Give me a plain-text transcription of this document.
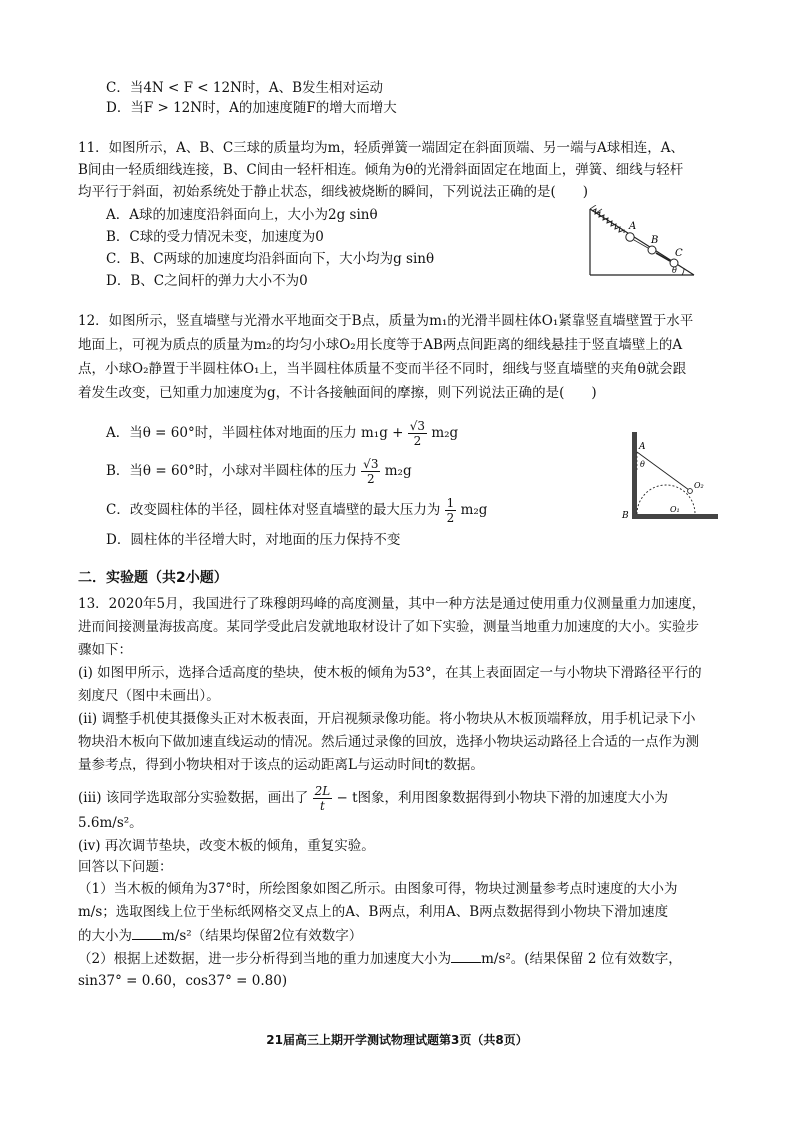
C．当4N < F < 12N时，A、B发生相对运动
D．当F > 12N时，A的加速度随F的增大而增大
11．如图所示，A、B、C三球的质量均为m，轻质弹簧一端固定在斜面顶端、另一端与A球相连，A、
B间由一轻质细线连接，B、C间由一轻杆相连。倾角为θ的光滑斜面固定在地面上，弹簧、细线与轻杆
均平行于斜面，初始系统处于静止状态，细线被烧断的瞬间，下列说法正确的是(　　)
A．A球的加速度沿斜面向上，大小为2g sinθ
B．C球的受力情况未变，加速度为0
C．B、C两球的加速度均沿斜面向下，大小均为g sinθ
D．B、C之间杆的弹力大小不为0
A
B
C
θ
12．如图所示，竖直墙壁与光滑水平地面交于B点，质量为m₁的光滑半圆柱体O₁紧靠竖直墙壁置于水平
地面上，可视为质点的质量为m₂的均匀小球O₂用长度等于AB两点间距离的细线悬挂于竖直墙壁上的A
点，小球O₂静置于半圆柱体O₁上，当半圆柱体质量不变而半径不同时，细线与竖直墙壁的夹角θ就会跟
着发生改变，已知重力加速度为g，不计各接触面间的摩擦，则下列说法正确的是(　　)
A．当θ = 60°时，半圆柱体对地面的压力 $m_1g + \frac{√3}{2} m_2g$
B．当θ = 60°时，小球对半圆柱体的压力 $\frac{√3}{2} m_2g$
C．改变圆柱体的半径，圆柱体对竖直墙壁的最大压力为 $\frac{1}{2} m_2g$
D．圆柱体的半径增大时，对地面的压力保持不变
A
θ
O₂
O₁
B
二．实验题（共2小题）
13．2020年5月，我国进行了珠穆朗玛峰的高度测量，其中一种方法是通过使用重力仪测量重力加速度，
进而间接测量海拔高度。某同学受此启发就地取材设计了如下实验，测量当地重力加速度的大小。实验步
骤如下：
(i) 如图甲所示，选择合适高度的垫块，使木板的倾角为53°，在其上表面固定一与小物块下滑路径平行的
刻度尺（图中未画出）。
(ii) 调整手机使其摄像头正对木板表面，开启视频录像功能。将小物块从木板顶端释放，用手机记录下小
物块沿木板向下做加速直线运动的情况。然后通过录像的回放，选择小物块运动路径上合适的一点作为测
量参考点，得到小物块相对于该点的运动距离L与运动时间t的数据。
(iii) 该同学选取部分实验数据，画出了 $\frac{2L}{t} - t$图象，利用图象数据得到小物块下滑的加速度大小为
5.6m/s²。
(iv) 再次调节垫块，改变木板的倾角，重复实验。
回答以下问题：
（1）当木板的倾角为37°时，所绘图象如图乙所示。由图象可得，物块过测量参考点时速度的大小为
m/s；选取图线上位于坐标纸网格交叉点上的A、B两点，利用A、B两点数据得到小物块下滑加速度
的大小为 m/s²（结果均保留2位有效数字）
（2）根据上述数据，进一步分析得到当地的重力加速度大小为 m/s²。(结果保留 2 位有效数字，
sin37° = 0.60，cos37° = 0.80)
21届高三上期开学测试物理试题第3页（共8页）
